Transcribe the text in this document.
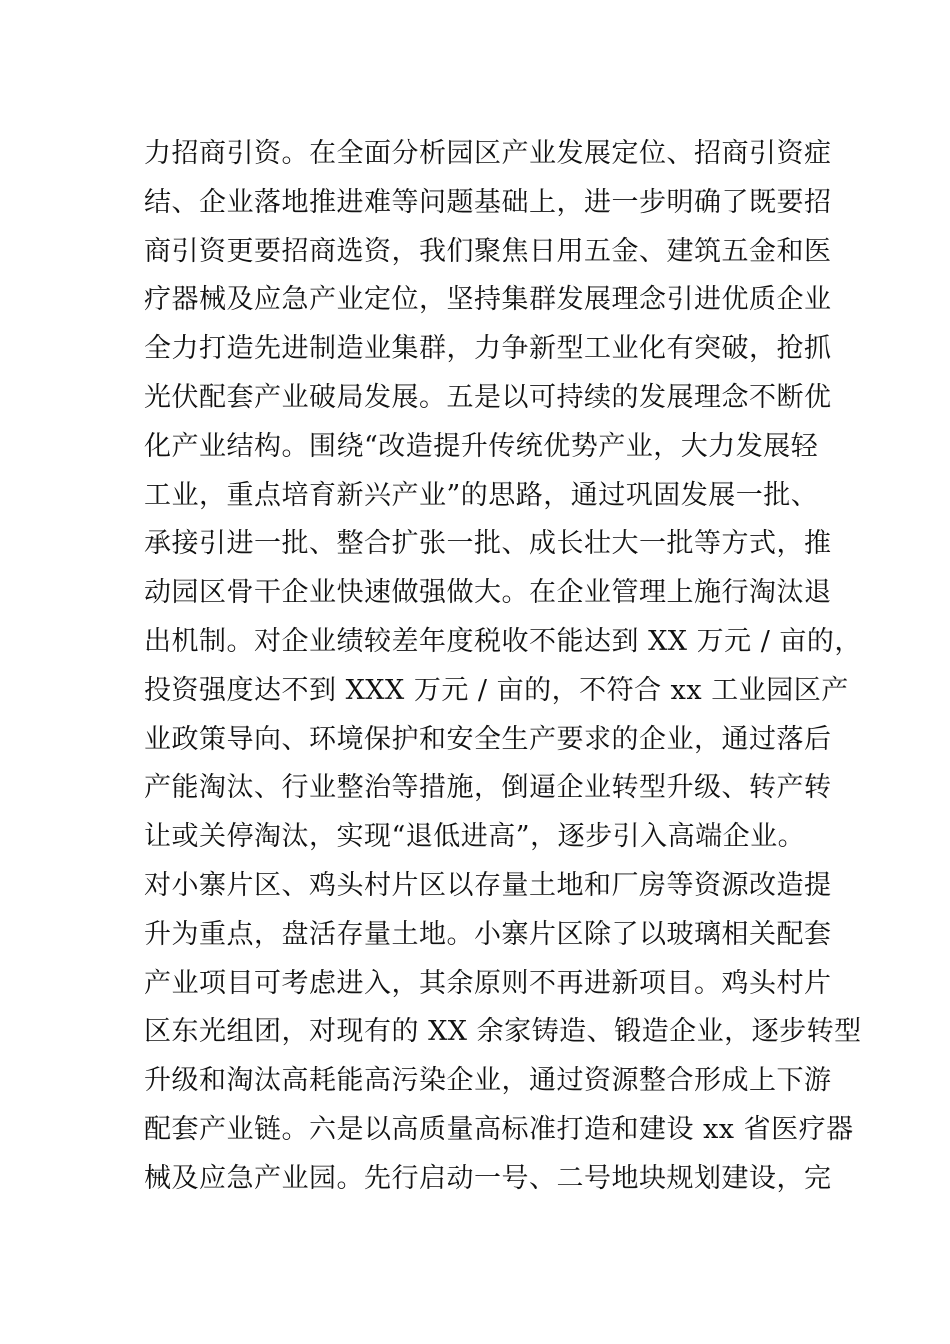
力招商引资。在全面分析园区产业发展定位、招商引资症
结、企业落地推进难等问题基础上，进一步明确了既要招
商引资更要招商选资，我们聚焦日用五金、建筑五金和医
疗器械及应急产业定位，坚持集群发展理念引进优质企业
全力打造先进制造业集群，力争新型工业化有突破，抢抓
光伏配套产业破局发展。五是以可持续的发展理念不断优
化产业结构。围绕“改造提升传统优势产业，大力发展轻
工业，重点培育新兴产业”的思路，通过巩固发展一批、
承接引进一批、整合扩张一批、成长壮大一批等方式，推
动园区骨干企业快速做强做大。在企业管理上施行淘汰退
出机制。对企业绩较差年度税收不能达到 XX 万元 / 亩的，
投资强度达不到 XXX 万元 / 亩的，不符合 xx 工业园区产
业政策导向、环境保护和安全生产要求的企业，通过落后
产能淘汰、行业整治等措施，倒逼企业转型升级、转产转
让或关停淘汰，实现“退低进高”，逐步引入高端企业。
对小寨片区、鸡头村片区以存量土地和厂房等资源改造提
升为重点，盘活存量土地。小寨片区除了以玻璃相关配套
产业项目可考虑进入，其余原则不再进新项目。鸡头村片
区东光组团，对现有的 XX 余家铸造、锻造企业，逐步转型
升级和淘汰高耗能高污染企业，通过资源整合形成上下游
配套产业链。六是以高质量高标准打造和建设 xx 省医疗器
械及应急产业园。先行启动一号、二号地块规划建设，完
